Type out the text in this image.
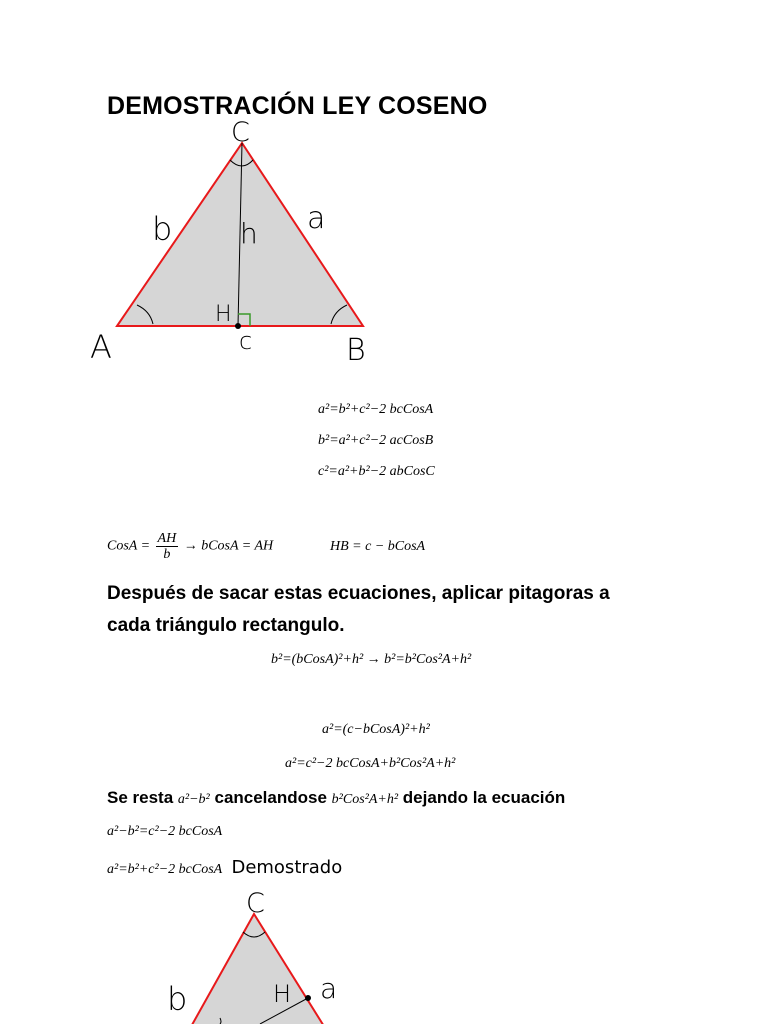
DEMOSTRACIÓN LEY COSENO
C
A	B
b	a
h
H
c
a²=b²+c²−2 bcCosA
b²=a²+c²−2 acCosB
c²=a²+b²−2 abCosC
CosA = $\frac{AH}{b}$ → bCosA = AH	HB = c − bCosA
Después de sacar estas ecuaciones, aplicar pitagoras a cada triángulo rectangulo.
b²=(bCosA)²+h² → b²=b²Cos²A+h²
a²=(c−bCosA)²+h²
a²=c²−2 bcCosA+b²Cos²A+h²
Se resta a²−b² cancelandose b²Cos²A+h² dejando la ecuación
a²−b²=c²−2 bcCosA
a²=b²+c²−2 bcCosA Demostrado
C
b	a
H
